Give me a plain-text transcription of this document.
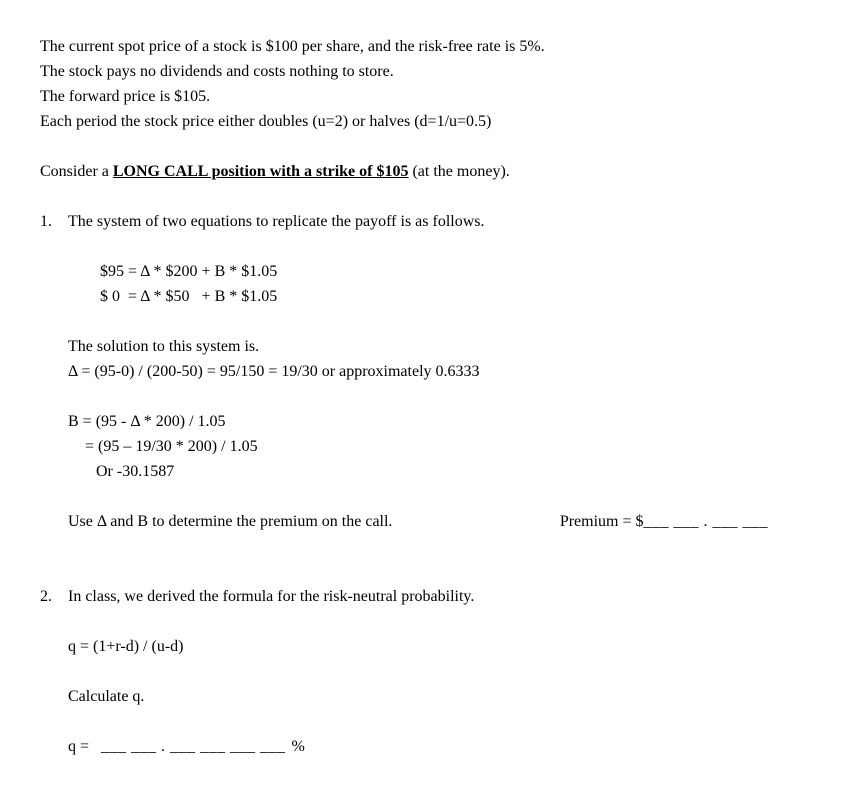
The current spot price of a stock is $100 per share, and the risk-free rate is 5%.

The stock pays no dividends and costs nothing to store.

The forward price is $105.

Each period the stock price either doubles (u=2) or halves (d=1/u=0.5)

Consider a LONG CALL position with a strike of $105 (at the money).

1.	The system of two equations to replicate the payoff is as follows.

$95 = Δ * $200 + B * $1.05

$ 0  = Δ * $50   + B * $1.05

The solution to this system is.

Δ = (95-0) / (200-50) = 95/150 = 19/30 or approximately 0.6333

B = (95 - Δ * 200) / 1.05

= (95 – 19/30 * 200) / 1.05

Or -30.1587

Use Δ and B to determine the premium on the call.	Premium = $___ ___ . ___ ___
2.	In class, we derived the formula for the risk-neutral probability.

q = (1+r-d) / (u-d)

Calculate q.

q = ___ ___ . ___ ___ ___ ___ %
